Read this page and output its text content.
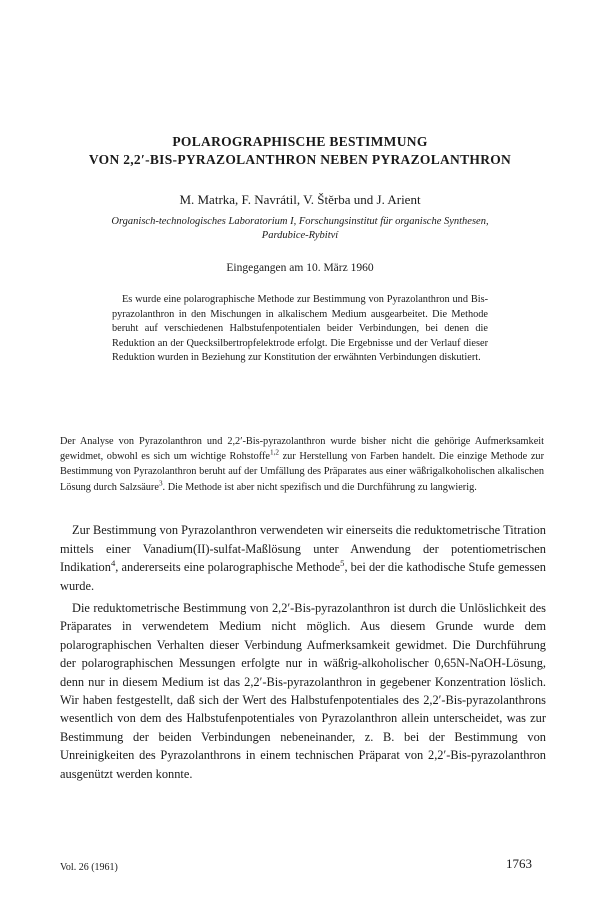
POLAROGRAPHISCHE BESTIMMUNG
VON 2,2′-BIS-PYRAZOLANTHRON NEBEN PYRAZOLANTHRON
M. Matrka, F. Navrátil, V. Štěrba und J. Arient
Organisch-technologisches Laboratorium I, Forschungsinstitut für organische Synthesen,
Pardubice-Rybitví
Eingegangen am 10. März 1960

Es wurde eine polarographische Methode zur Bestimmung von Pyrazolanthron und Bis-pyrazolanthron in den Mischungen in alkalischem Medium ausgearbeitet. Die Methode beruht auf verschiedenen Halbstufenpotentialen beider Verbindungen, bei denen die Reduktion an der Quecksilbertropfelektrode erfolgt. Die Ergebnisse und der Verlauf dieser Reduktion wurden in Beziehung zur Konstitution der erwähnten Verbindungen diskutiert.

Der Analyse von Pyrazolanthron und 2,2′-Bis-pyrazolanthron wurde bisher nicht die gehörige Aufmerksamkeit gewidmet, obwohl es sich um wichtige Rohstoffe$^{1,2}$ zur Herstellung von Farben handelt. Die einzige Methode zur Bestimmung von Pyrazolanthron beruht auf der Umfällung des Präparates aus einer wäßrigalkoholischen alkalischen Lösung durch Salzsäure$^3$. Die Methode ist aber nicht spezifisch und die Durchführung zu langwierig.

Zur Bestimmung von Pyrazolanthron verwendeten wir einerseits die reduktometrische Titration mittels einer Vanadium(II)-sulfat-Maßlösung unter Anwendung der potentiometrischen Indikation$^4$, andererseits eine polarographische Methode$^5$, bei der die kathodische Stufe gemessen wurde.

Die reduktometrische Bestimmung von 2,2′-Bis-pyrazolanthron ist durch die Unlöslichkeit des Präparates in verwendetem Medium nicht möglich. Aus diesem Grunde wurde dem polarographischen Verhalten dieser Verbindung Aufmerksamkeit gewidmet. Die Durchführung der polarographischen Messungen erfolgte nur in wäßrig-alkoholischer 0,65N-NaOH-Lösung, denn nur in diesem Medium ist das 2,2′-Bis-pyrazolanthron in gegebener Konzentration löslich. Wir haben festgestellt, daß sich der Wert des Halbstufenpotentiales des 2,2′-Bis-pyrazolanthrons wesentlich von dem des Halbstufenpotentiales von Pyrazolanthron allein unterscheidet, was zur Bestimmung der beiden Verbindungen nebeneinander, z. B. bei der Bestimmung von Unreinigkeiten des Pyrazolanthrons in einem technischen Präparat von 2,2′-Bis-pyrazolanthron ausgenützt werden konnte.

Vol. 26 (1961)	1763
